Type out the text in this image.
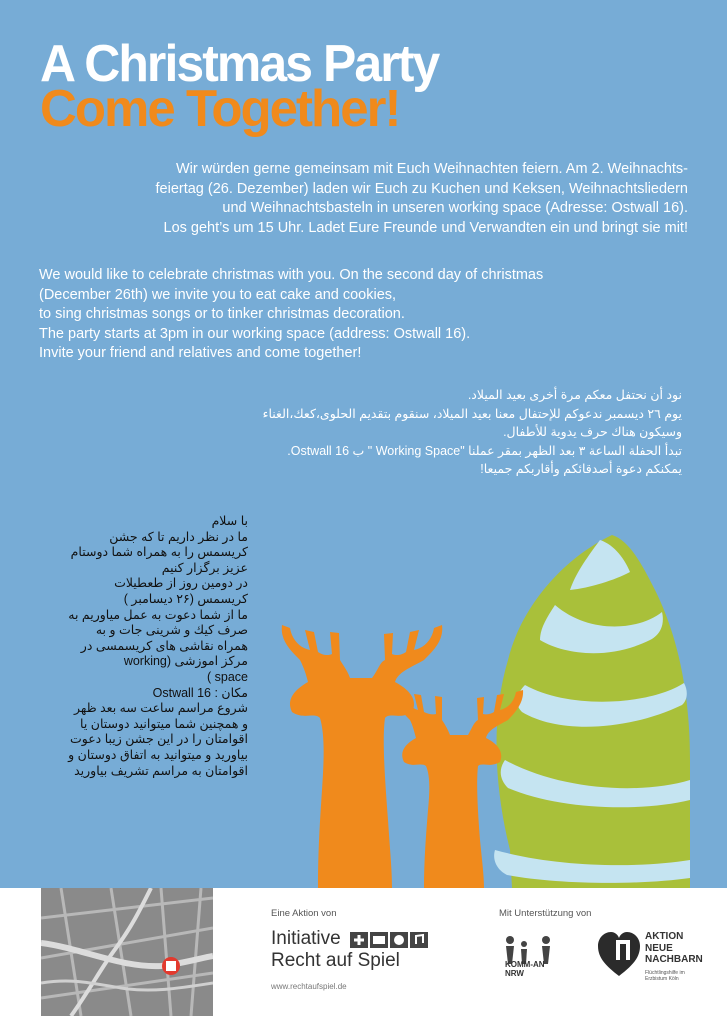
A Christmas Party
Come Together!

Wir würden gerne gemeinsam mit Euch Weihnachten feiern. Am 2. Weihnachts-
feiertag (26. Dezember) laden wir Euch zu Kuchen und Keksen, Weihnachtsliedern
und Weihnachtsbasteln in unseren working space (Adresse: Ostwall 16).
Los geht’s um 15 Uhr. Ladet Eure Freunde und Verwandten ein und bringt sie mit!

We would like to celebrate christmas with you. On the second day of christmas
(December 26th) we invite you to eat cake and cookies,
to sing christmas songs or to tinker christmas decoration.
The party starts at 3pm in our working space (address: Ostwall 16).
Invite your friend and relatives and come together!

نود أن نحتفل معكم مرة أخرى بعيد الميلاد.
يوم ٢٦ ديسمبر ندعوكم للإحتفال معنا بعيد الميلاد، سنقوم بتقديم الحلوى،كعك،الغناء
وسيكون هناك حرف يدوية للأطفال.
تبدأ الحفلة الساعة ٣ بعد الظهر بمقر عملنا "Working Space " ب Ostwall 16.
يمكنكم دعوة أصدقائكم وأقاربكم جميعا!

با سلام
ما در نظر داریم تا که جشن
کریسمس را به همراه شما دوستام
عزیز برگزار کنیم
در دومین روز از طعطیلات
کریسمس (۲۶ دیسامبر )
ما از شما دعوت به عمل میاوریم به
صرف کیك و شرینی جات و به
همراه نقاشی های کریسمسی در
مرکز اموزشی (working
space )
مکان : Ostwall 16
شروع مراسم ساعت سه بعد ظهر
و همچنین شما میتوانید دوستان یا
اقوامتان را در این جشن زیبا دعوت
بیاورید و میتوانید به اتفاق دوستان و
اقوامتان به مراسم تشریف بیاورید

Eine Aktion von
Initiative
Recht auf Spiel
www.rechtaufspiel.de
Mit Unterstützung von
KOMM-AN
NRW
AKTION
NEUE
NACHBARN
Flüchtlingshilfe im Erzbistum Köln
